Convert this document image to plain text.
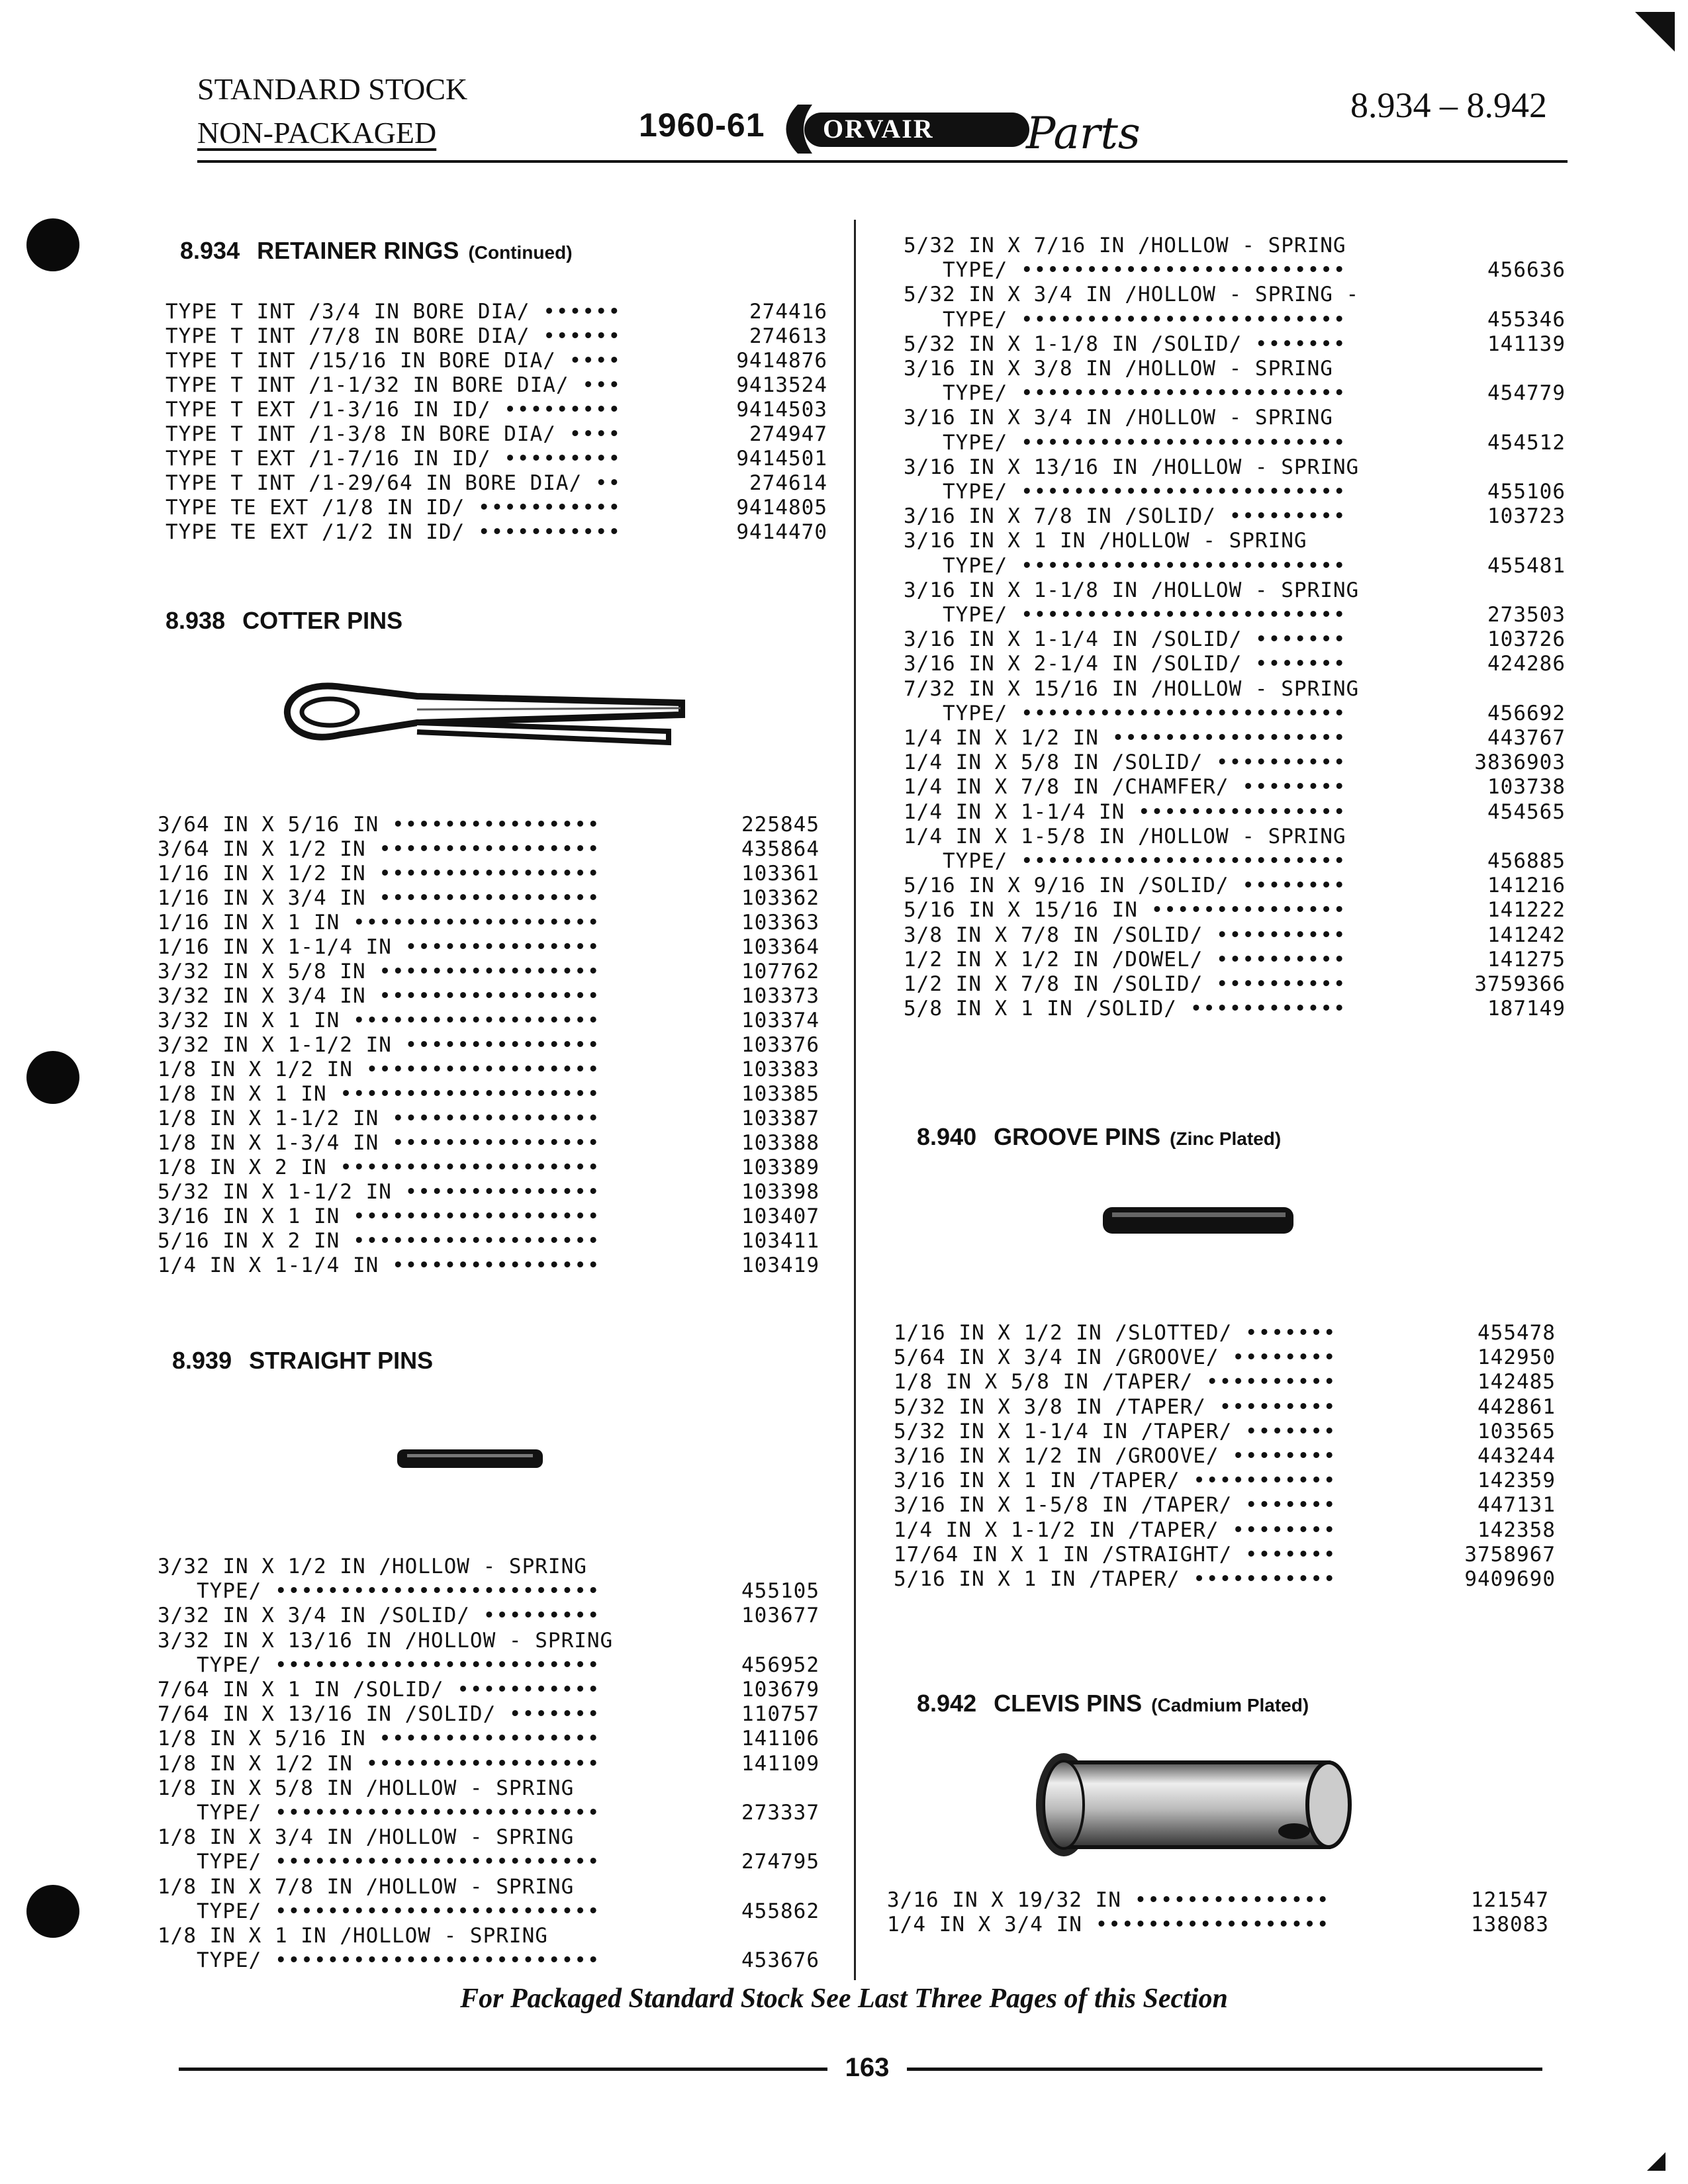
STANDARD STOCK
NON-PACKAGED	1960-61 ORVAIR Parts
8.934 – 8.942
8.934 RETAINER RINGS (Continued)
TYPE T INT /3/4 IN BORE DIA/ ••••••	274416
TYPE T INT /7/8 IN BORE DIA/ ••••••	274613
TYPE T INT /15/16 IN BORE DIA/ ••••	9414876
TYPE T INT /1-1/32 IN BORE DIA/ •••	9413524
TYPE T EXT /1-3/16 IN ID/ •••••••••	9414503
TYPE T INT /1-3/8 IN BORE DIA/ ••••	274947
TYPE T EXT /1-7/16 IN ID/ •••••••••	9414501
TYPE T INT /1-29/64 IN BORE DIA/ ••	274614
TYPE TE EXT /1/8 IN ID/ •••••••••••	9414805
TYPE TE EXT /1/2 IN ID/ •••••••••••	9414470
8.938 COTTER PINS
3/64 IN X 5/16 IN ••••••••••••••••	225845
3/64 IN X 1/2 IN •••••••••••••••••	435864
1/16 IN X 1/2 IN •••••••••••••••••	103361
1/16 IN X 3/4 IN •••••••••••••••••	103362
1/16 IN X 1 IN •••••••••••••••••••	103363
1/16 IN X 1-1/4 IN •••••••••••••••	103364
3/32 IN X 5/8 IN •••••••••••••••••	107762
3/32 IN X 3/4 IN •••••••••••••••••	103373
3/32 IN X 1 IN •••••••••••••••••••	103374
3/32 IN X 1-1/2 IN •••••••••••••••	103376
1/8 IN X 1/2 IN ••••••••••••••••••	103383
1/8 IN X 1 IN ••••••••••••••••••••	103385
1/8 IN X 1-1/2 IN ••••••••••••••••	103387
1/8 IN X 1-3/4 IN ••••••••••••••••	103388
1/8 IN X 2 IN ••••••••••••••••••••	103389
5/32 IN X 1-1/2 IN •••••••••••••••	103398
3/16 IN X 1 IN •••••••••••••••••••	103407
5/16 IN X 2 IN •••••••••••••••••••	103411
1/4 IN X 1-1/4 IN ••••••••••••••••	103419
8.939 STRAIGHT PINS
3/32 IN X 1/2 IN /HOLLOW - SPRING
TYPE/ •••••••••••••••••••••••••	455105
3/32 IN X 3/4 IN /SOLID/ •••••••••	103677
3/32 IN X 13/16 IN /HOLLOW - SPRING
TYPE/ •••••••••••••••••••••••••	456952
7/64 IN X 1 IN /SOLID/ •••••••••••	103679
7/64 IN X 13/16 IN /SOLID/ •••••••	110757
1/8 IN X 5/16 IN •••••••••••••••••	141106
1/8 IN X 1/2 IN ••••••••••••••••••	141109
1/8 IN X 5/8 IN /HOLLOW - SPRING
TYPE/ •••••••••••••••••••••••••	273337
1/8 IN X 3/4 IN /HOLLOW - SPRING
TYPE/ •••••••••••••••••••••••••	274795
1/8 IN X 7/8 IN /HOLLOW - SPRING
TYPE/ •••••••••••••••••••••••••	455862
1/8 IN X 1 IN /HOLLOW - SPRING
TYPE/ •••••••••••••••••••••••••	453676
5/32 IN X 7/16 IN /HOLLOW - SPRING
TYPE/ •••••••••••••••••••••••••	456636
5/32 IN X 3/4 IN /HOLLOW - SPRING -
TYPE/ •••••••••••••••••••••••••	455346
5/32 IN X 1-1/8 IN /SOLID/ •••••••	141139
3/16 IN X 3/8 IN /HOLLOW - SPRING
TYPE/ •••••••••••••••••••••••••	454779
3/16 IN X 3/4 IN /HOLLOW - SPRING
TYPE/ •••••••••••••••••••••••••	454512
3/16 IN X 13/16 IN /HOLLOW - SPRING
TYPE/ •••••••••••••••••••••••••	455106
3/16 IN X 7/8 IN /SOLID/ •••••••••	103723
3/16 IN X 1 IN /HOLLOW - SPRING
TYPE/ •••••••••••••••••••••••••	455481
3/16 IN X 1-1/8 IN /HOLLOW - SPRING
TYPE/ •••••••••••••••••••••••••	273503
3/16 IN X 1-1/4 IN /SOLID/ •••••••	103726
3/16 IN X 2-1/4 IN /SOLID/ •••••••	424286
7/32 IN X 15/16 IN /HOLLOW - SPRING
TYPE/ •••••••••••••••••••••••••	456692
1/4 IN X 1/2 IN ••••••••••••••••••	443767
1/4 IN X 5/8 IN /SOLID/ ••••••••••	3836903
1/4 IN X 7/8 IN /CHAMFER/ ••••••••	103738
1/4 IN X 1-1/4 IN ••••••••••••••••	454565
1/4 IN X 1-5/8 IN /HOLLOW - SPRING
TYPE/ •••••••••••••••••••••••••	456885
5/16 IN X 9/16 IN /SOLID/ ••••••••	141216
5/16 IN X 15/16 IN •••••••••••••••	141222
3/8 IN X 7/8 IN /SOLID/ ••••••••••	141242
1/2 IN X 1/2 IN /DOWEL/ ••••••••••	141275
1/2 IN X 7/8 IN /SOLID/ ••••••••••	3759366
5/8 IN X 1 IN /SOLID/ ••••••••••••	187149
8.940 GROOVE PINS (Zinc Plated)
1/16 IN X 1/2 IN /SLOTTED/ •••••••	455478
5/64 IN X 3/4 IN /GROOVE/ ••••••••	142950
1/8 IN X 5/8 IN /TAPER/ ••••••••••	142485
5/32 IN X 3/8 IN /TAPER/ •••••••••	442861
5/32 IN X 1-1/4 IN /TAPER/ •••••••	103565
3/16 IN X 1/2 IN /GROOVE/ ••••••••	443244
3/16 IN X 1 IN /TAPER/ •••••••••••	142359
3/16 IN X 1-5/8 IN /TAPER/ •••••••	447131
1/4 IN X 1-1/2 IN /TAPER/ ••••••••	142358
17/64 IN X 1 IN /STRAIGHT/ •••••••	3758967
5/16 IN X 1 IN /TAPER/ •••••••••••	9409690
8.942 CLEVIS PINS (Cadmium Plated)
3/16 IN X 19/32 IN •••••••••••••••	121547
1/4 IN X 3/4 IN ••••••••••••••••••	138083
For Packaged Standard Stock See Last Three Pages of this Section
163
